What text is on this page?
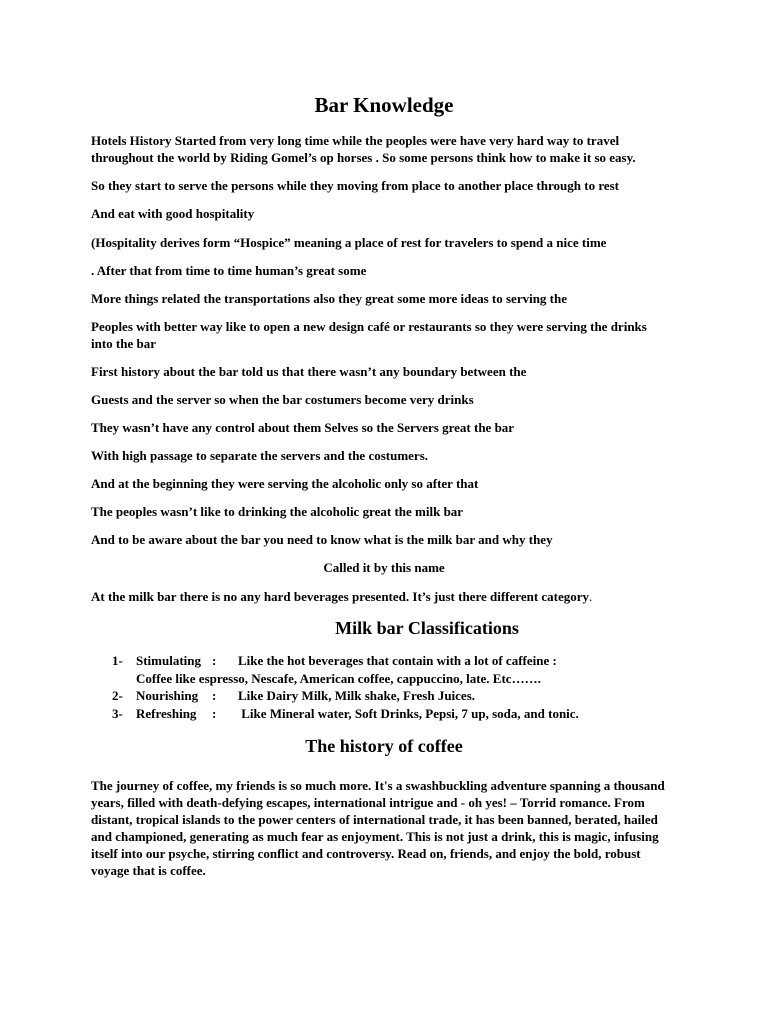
Bar Knowledge
Hotels History Started from very long time while the peoples were have very hard way to travel throughout the world by Riding Gomel’s op horses . So some persons think how to make it so easy.
So they start to serve the persons while they moving from place to another place through to rest
And eat with good hospitality
(Hospitality derives form “Hospice” meaning a place of rest for travelers to spend a nice time
. After that from time to time human’s great some
More things related the transportations also they great some more ideas to serving the
Peoples with better way like to open a new design café or restaurants so they were serving the drinks into the bar
First history about the bar told us that there wasn’t any boundary between the
Guests and the server so when the bar costumers become very drinks
They wasn’t have any control about them Selves so the Servers great the bar
With high passage to separate the servers and the costumers.
And at the beginning they were serving the alcoholic only so after that
The peoples wasn’t like to drinking the alcoholic great the milk bar
And to be aware about the bar you need to know what is the milk bar and why they
Called it by this name
At the milk bar there is no any hard beverages presented. It’s just there different category.
Milk bar Classifications
1- Stimulating : Like the hot beverages that contain with a lot of caffeine :
Coffee like espresso, Nescafe, American coffee, cappuccino, late. Etc…….
2- Nourishing : Like Dairy Milk, Milk shake, Fresh Juices.
3- Refreshing : Like Mineral water, Soft Drinks, Pepsi, 7 up, soda, and tonic.
The history of coffee
The journey of coffee, my friends is so much more. It's a swashbuckling adventure spanning a thousand years, filled with death-defying escapes, international intrigue and - oh yes! – Torrid romance. From distant, tropical islands to the power centers of international trade, it has been banned, berated, hailed and championed, generating as much fear as enjoyment. This is not just a drink, this is magic, infusing itself into our psyche, stirring conflict and controversy. Read on, friends, and enjoy the bold, robust voyage that is coffee.
